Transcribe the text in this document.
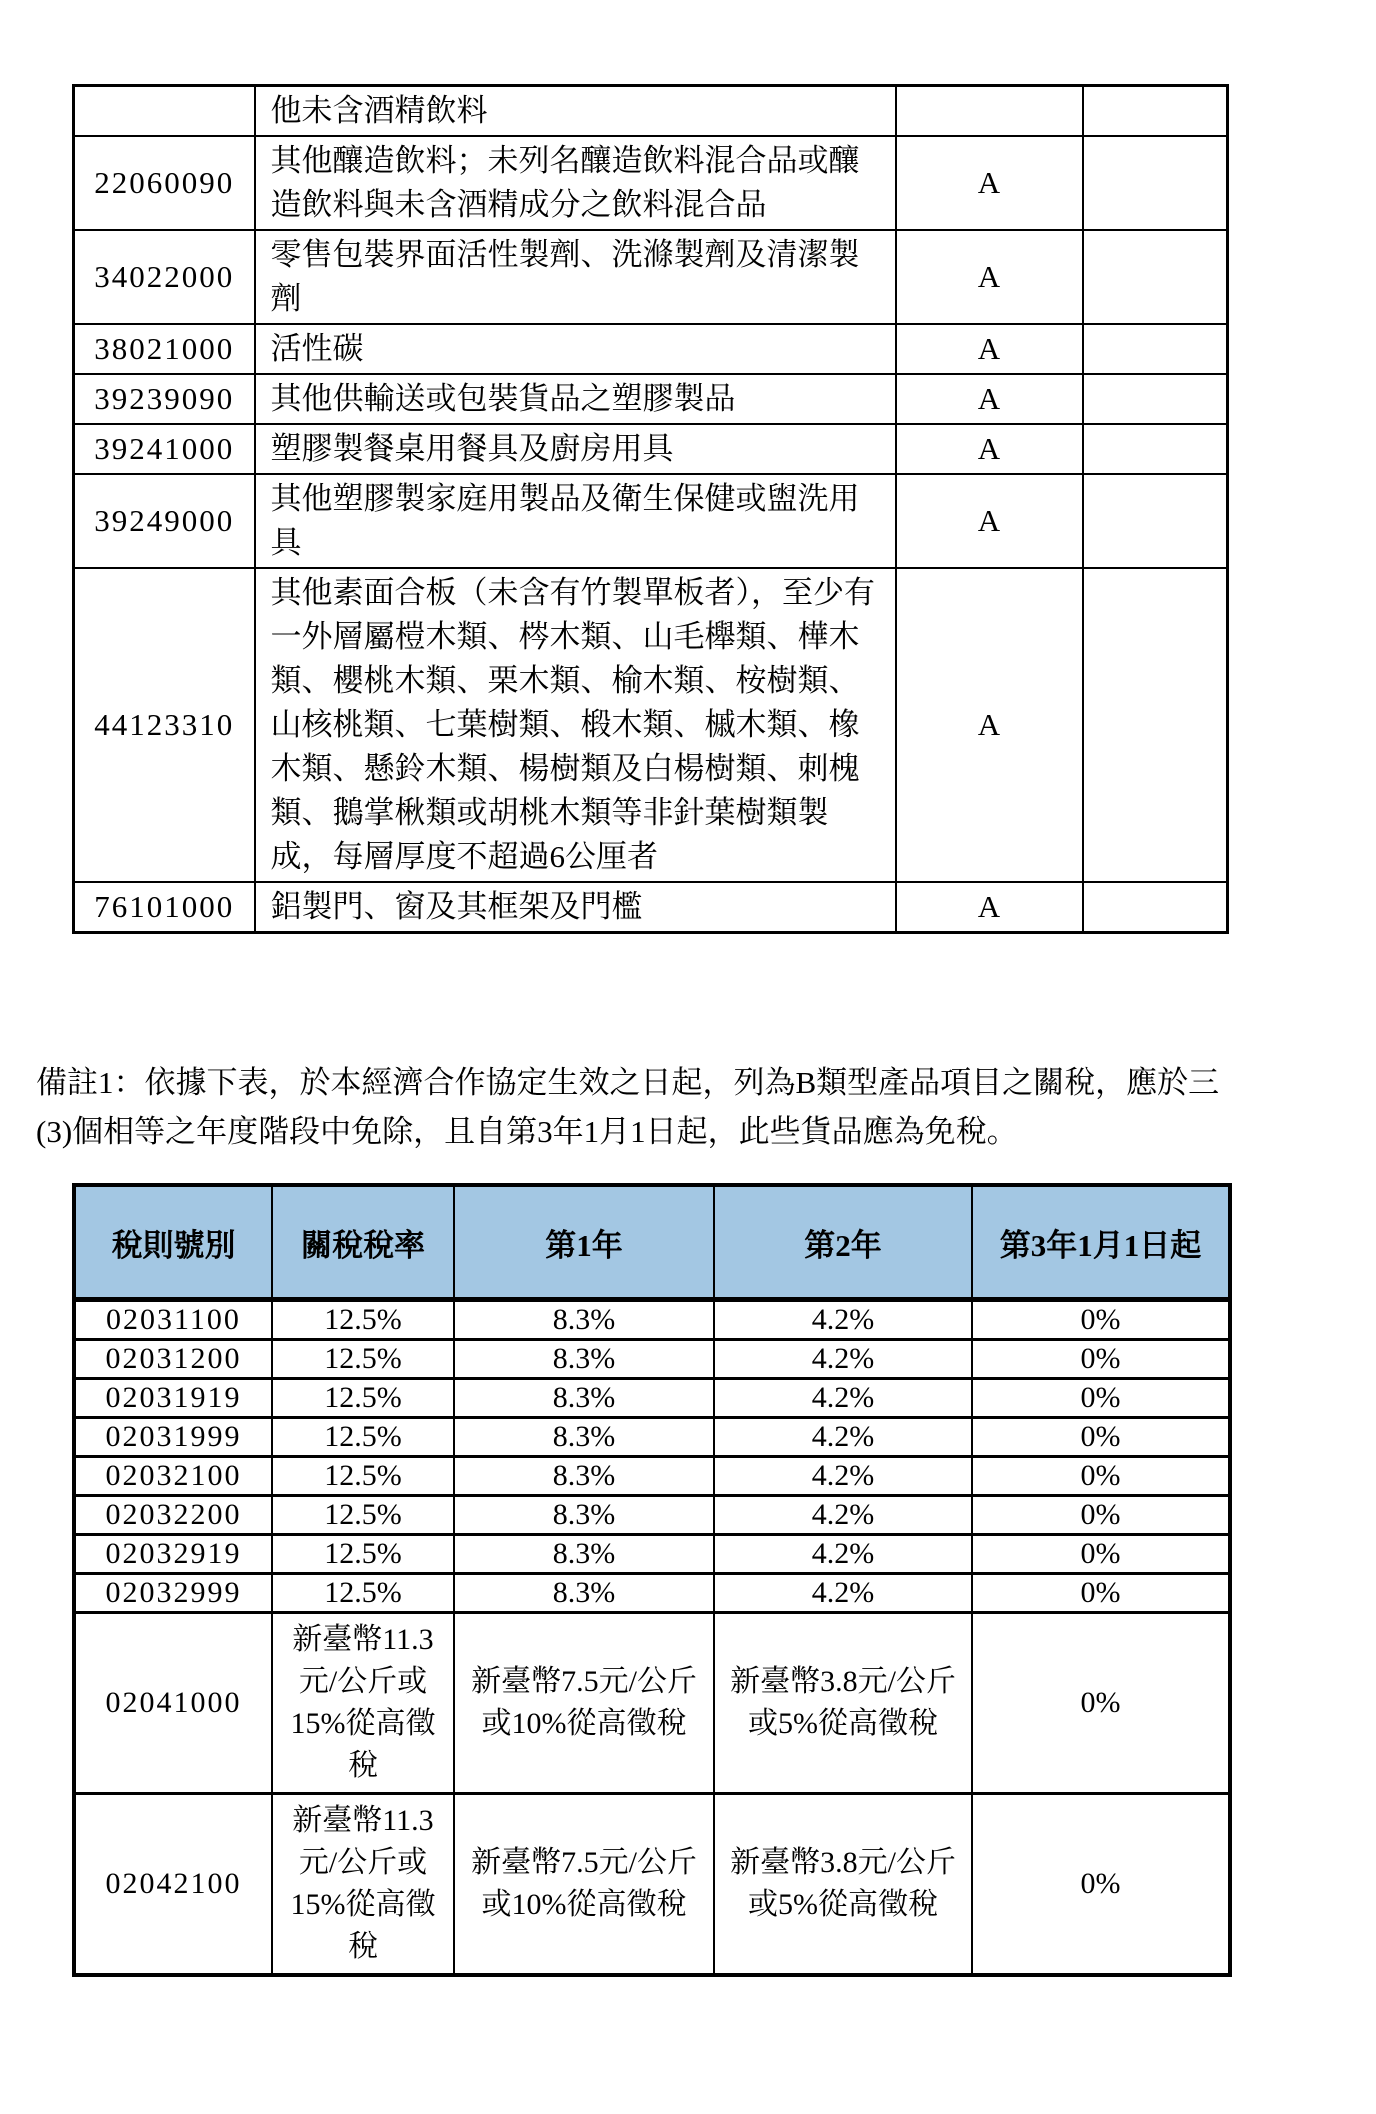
	他未含酒精飲料		
22060090	其他釀造飲料；未列名釀造飲料混合品或釀造飲料與未含酒精成分之飲料混合品	A	
34022000	零售包裝界面活性製劑、洗滌製劑及清潔製劑	A	
38021000	活性碳	A	
39239090	其他供輸送或包裝貨品之塑膠製品	A	
39241000	塑膠製餐桌用餐具及廚房用具	A	
39249000	其他塑膠製家庭用製品及衛生保健或盥洗用具	A	
44123310	其他素面合板（未含有竹製單板者），至少有一外層屬榿木類、梣木類、山毛櫸類、樺木類、櫻桃木類、栗木類、榆木類、桉樹類、山核桃類、七葉樹類、椴木類、槭木類、橡木類、懸鈴木類、楊樹類及白楊樹類、刺槐類、鵝掌楸類或胡桃木類等非針葉樹類製成，每層厚度不超過6公厘者	A	
76101000	鋁製門、窗及其框架及門檻	A	

備註1：依據下表，於本經濟合作協定生效之日起，列為B類型產品項目之關稅，應於三(3)個相等之年度階段中免除，且自第3年1月1日起，此些貨品應為免稅。

稅則號別	關稅稅率	第1年	第2年	第3年1月1日起
02031100	12.5%	8.3%	4.2%	0%
02031200	12.5%	8.3%	4.2%	0%
02031919	12.5%	8.3%	4.2%	0%
02031999	12.5%	8.3%	4.2%	0%
02032100	12.5%	8.3%	4.2%	0%
02032200	12.5%	8.3%	4.2%	0%
02032919	12.5%	8.3%	4.2%	0%
02032999	12.5%	8.3%	4.2%	0%
02041000	新臺幣11.3元/公斤或15%從高徵稅	新臺幣7.5元/公斤或10%從高徵稅	新臺幣3.8元/公斤或5%從高徵稅	0%
02042100	新臺幣11.3元/公斤或15%從高徵稅	新臺幣7.5元/公斤或10%從高徵稅	新臺幣3.8元/公斤或5%從高徵稅	0%
